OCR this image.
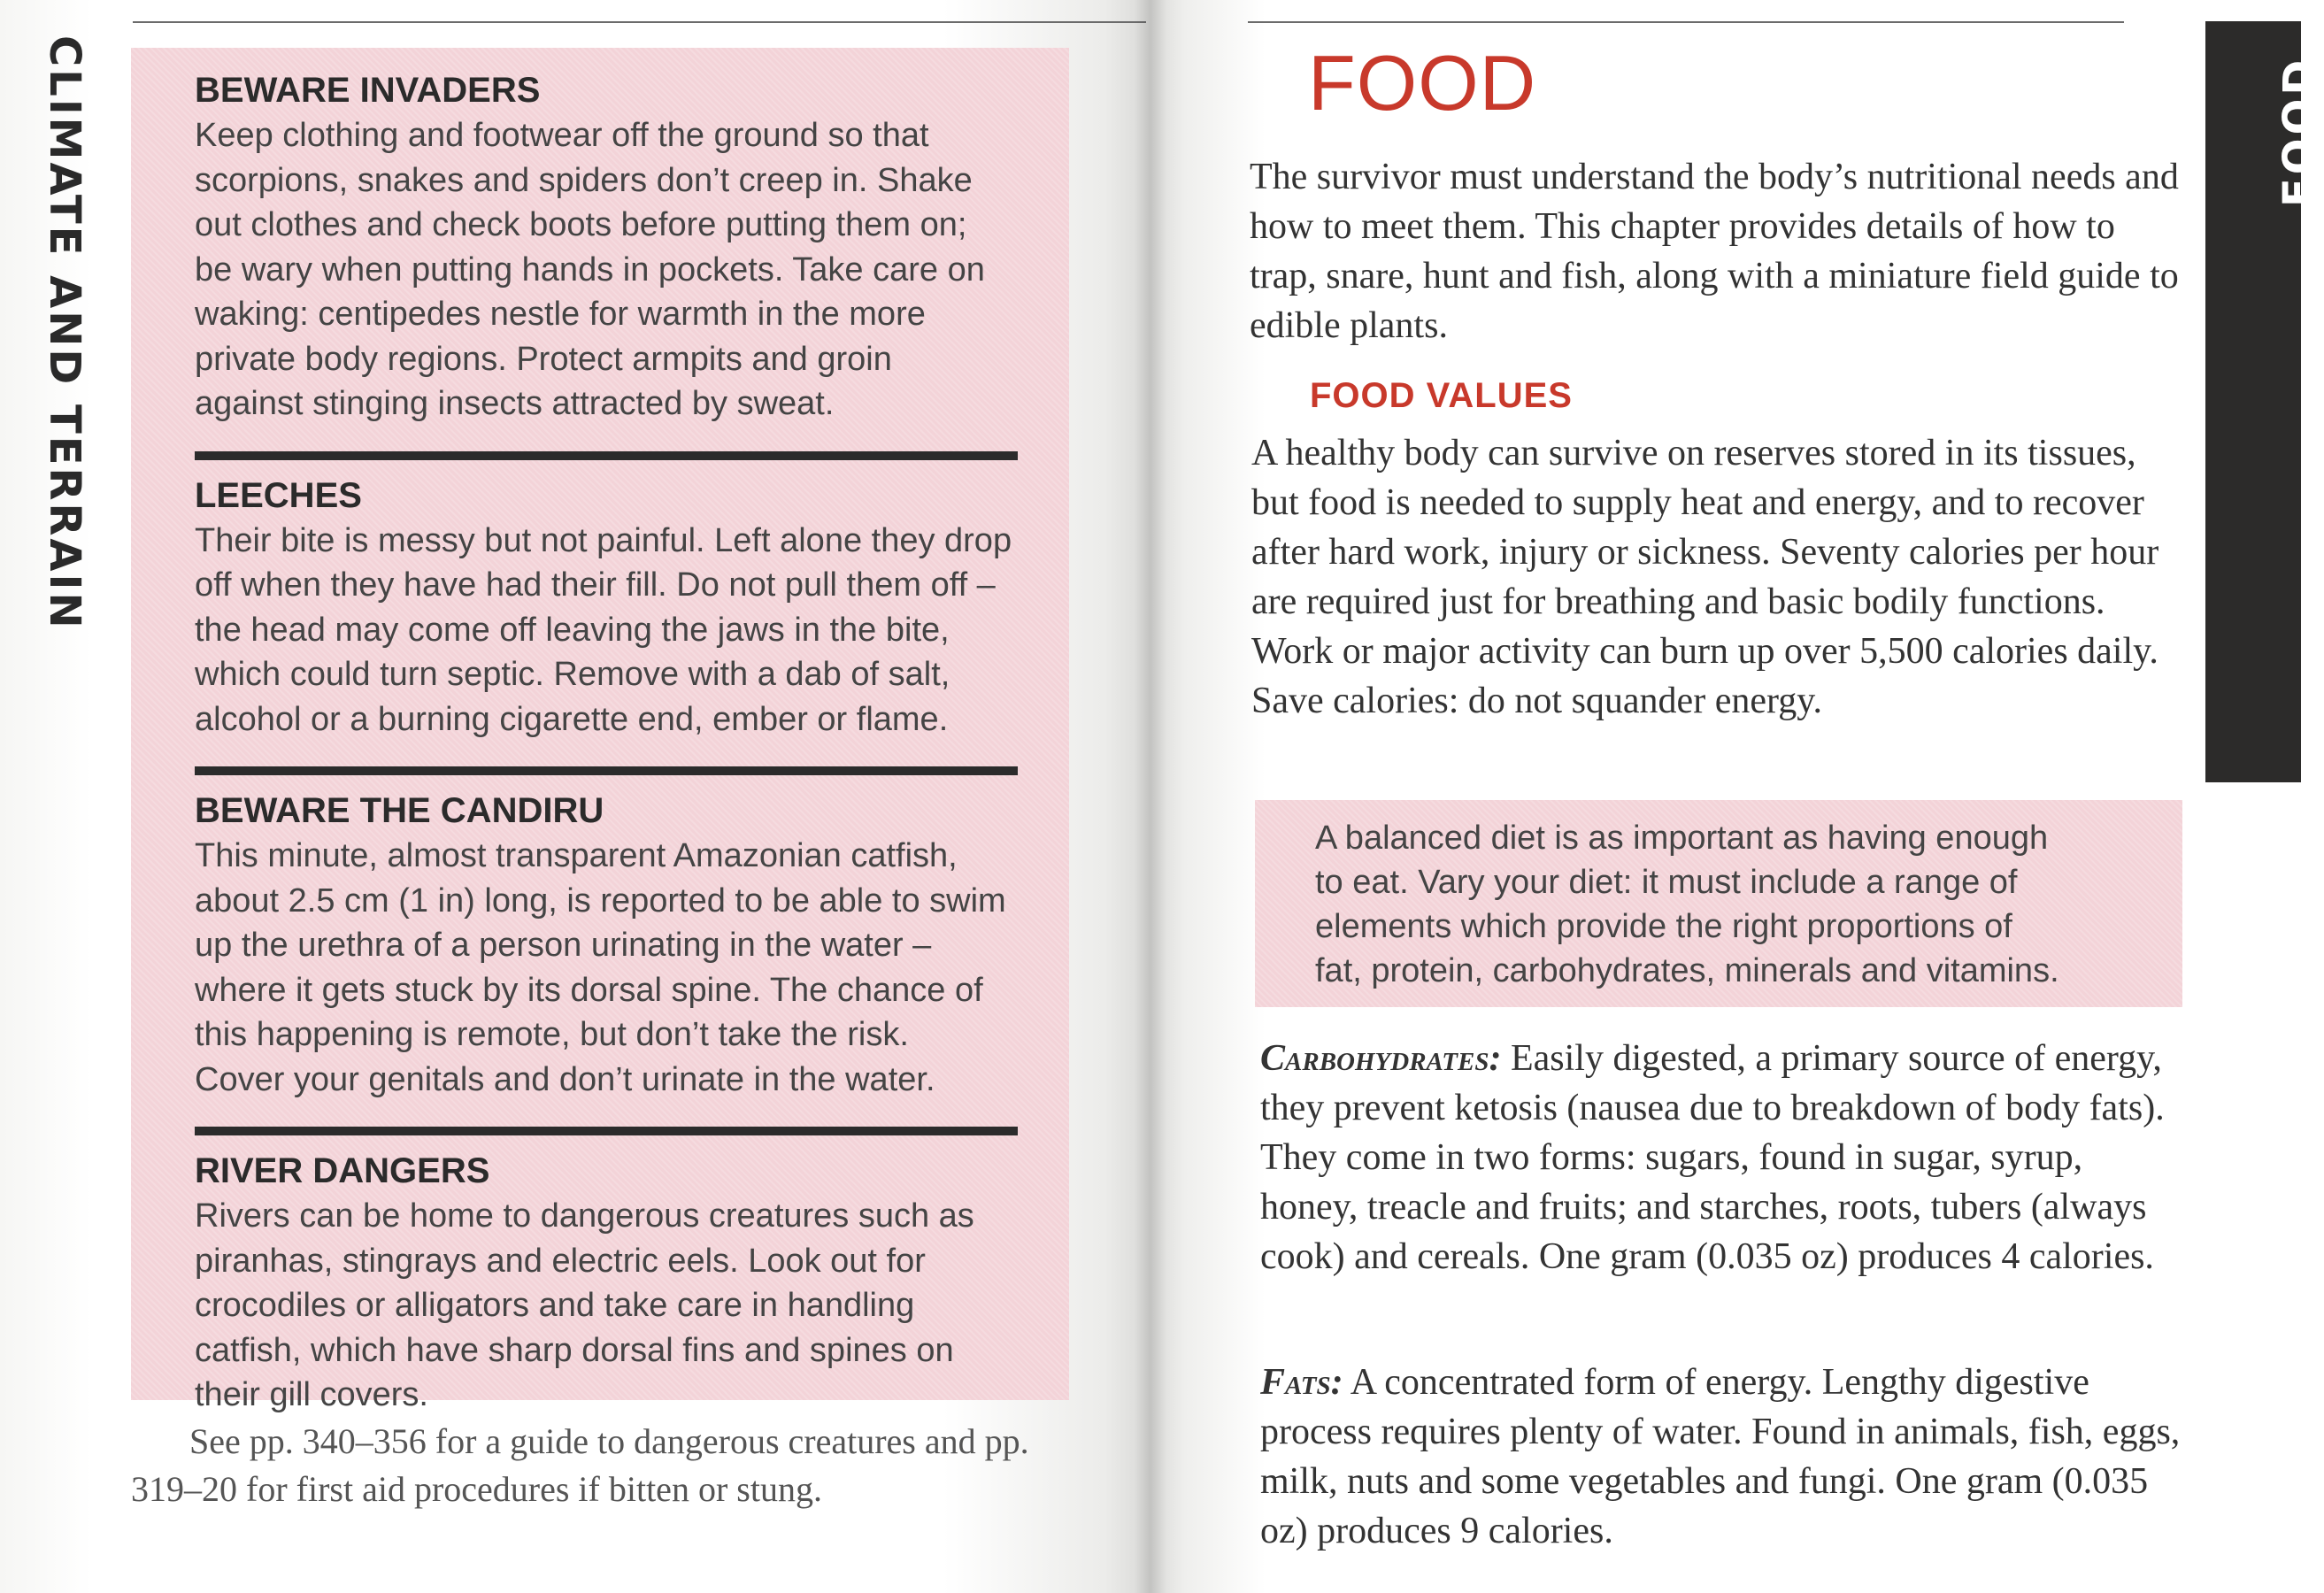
CLIMATE AND TERRAIN	BEWARE INVADERS

Keep clothing and footwear off the ground so that

scorpions, snakes and spiders don’t creep in. Shake

out clothes and check boots before putting them on;

be wary when putting hands in pockets. Take care on

waking: centipedes nestle for warmth in the more

private body regions. Protect armpits and groin

against stinging insects attracted by sweat.

LEECHES

Their bite is messy but not painful. Left alone they drop

off when they have had their fill. Do not pull them off –

the head may come off leaving the jaws in the bite,

which could turn septic. Remove with a dab of salt,

alcohol or a burning cigarette end, ember or flame.

BEWARE THE CANDIRU

This minute, almost transparent Amazonian catfish,

about 2.5 cm (1 in) long, is reported to be able to swim

up the urethra of a person urinating in the water –

where it gets stuck by its dorsal spine. The chance of

this happening is remote, but don’t take the risk.

Cover your genitals and don’t urinate in the water.

RIVER DANGERS

Rivers can be home to dangerous creatures such as

piranhas, stingrays and electric eels. Look out for

crocodiles or alligators and take care in handling

catfish, which have sharp dorsal fins and spines on

their gill covers.

See pp. 340–356 for a guide to dangerous creatures and pp. 319–20 for first aid procedures if bitten or stung.

FOOD
FOOD

The survivor must understand the body’s nutritional needs and how to meet them. This chapter provides details of how to trap, snare, hunt and fish, along with a miniature field guide to edible plants.

FOOD VALUES

A healthy body can survive on reserves stored in its tissues, but food is needed to supply heat and energy, and to recover after hard work, injury or sickness. Seventy calories per hour are required just for breathing and basic bodily functions. Work or major activity can burn up over 5,500 calories daily. Save calories: do not squander energy.

A balanced diet is as important as having enough

to eat. Vary your diet: it must include a range of

elements which provide the right proportions of

fat, protein, carbohydrates, minerals and vitamins.

Carbohydrates: Easily digested, a primary source of energy, they prevent ketosis (nausea due to breakdown of body fats). They come in two forms: sugars, found in sugar, syrup, honey, treacle and fruits; and starches, roots, tubers (always cook) and cereals. One gram (0.035 oz) produces 4 calories.

Fats: A concentrated form of energy. Lengthy digestive process requires plenty of water. Found in animals, fish, eggs, milk, nuts and some vegetables and fungi. One gram (0.035 oz) produces 9 calories.
